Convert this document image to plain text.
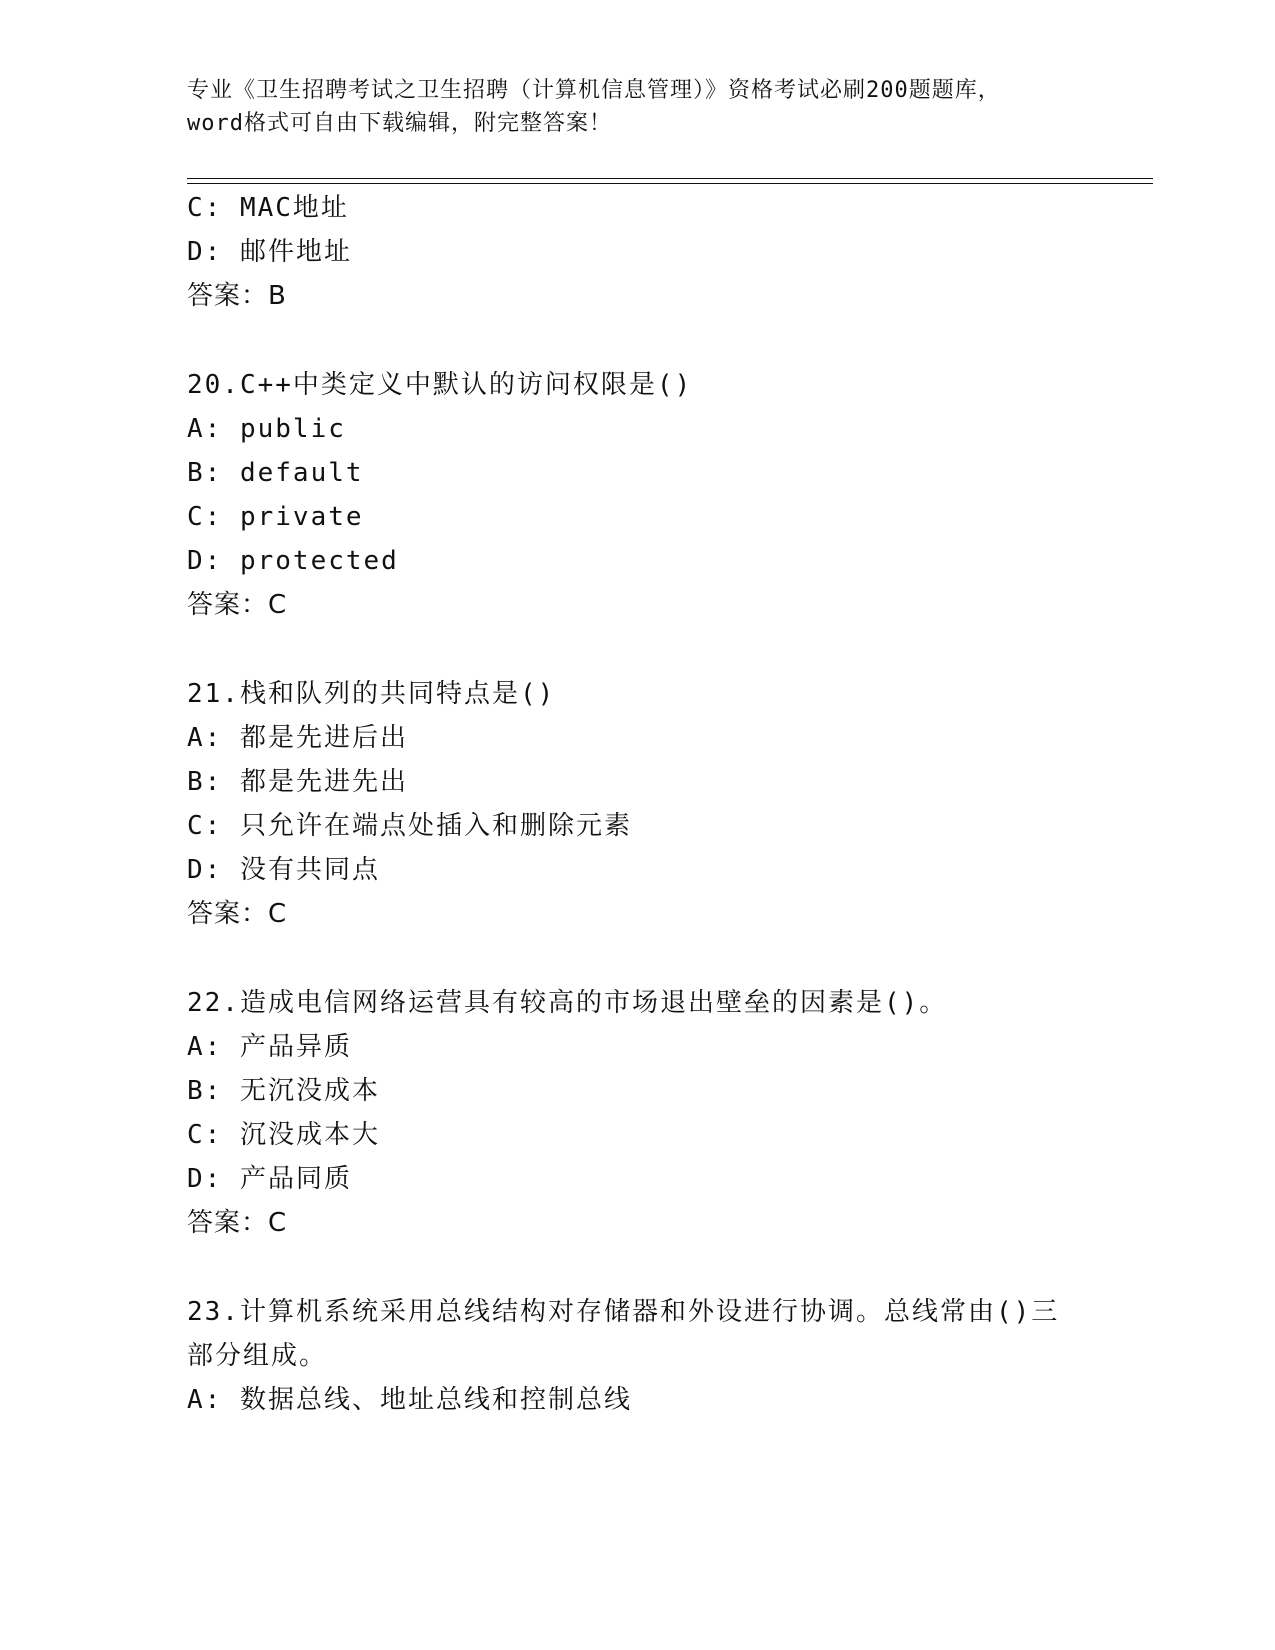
专业《卫生招聘考试之卫生招聘（计算机信息管理）》资格考试必刷200题题库，
word格式可自由下载编辑，附完整答案！
C: MAC地址
D: 邮件地址
答案：B
20.C++中类定义中默认的访问权限是()
A: public
B: default
C: private
D: protected
答案：C
21.栈和队列的共同特点是()
A: 都是先进后出
B: 都是先进先出
C: 只允许在端点处插入和删除元素
D: 没有共同点
答案：C
22.造成电信网络运营具有较高的市场退出壁垒的因素是()。
A: 产品异质
B: 无沉没成本
C: 沉没成本大
D: 产品同质
答案：C
23.计算机系统采用总线结构对存储器和外设进行协调。总线常由()三
部分组成。
A: 数据总线、地址总线和控制总线
